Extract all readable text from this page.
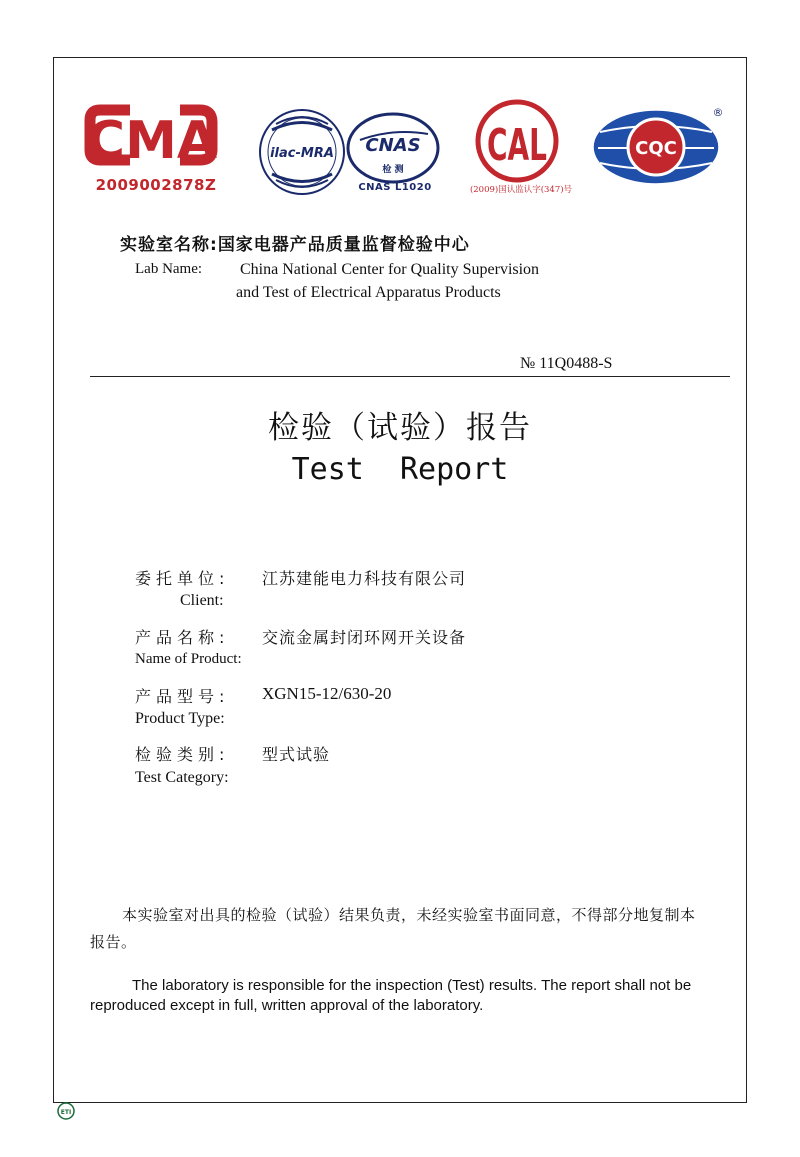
CMA	ilac-MRA CNAS
检 测 CAL	CQC
®
2009002878Z	CNAS L1020	(2009)国认监认字(347)号
实验室名称:国家电器产品质量监督检验中心
Lab Name: China National Center for Quality Supervision
and Test of Electrical Apparatus Products
№ 11Q0488-S
检验（试验）报告
Test  Report
委托单位: 江苏建能电力科技有限公司
Client:
产品名称: 交流金属封闭环网开关设备
Name of Product:
产品型号: XGN15-12/630-20
Product Type:
检验类别: 型式试验
Test Category:
本实验室对出具的检验（试验）结果负责，未经实验室书面同意，不得部分地复制本报告。
The laboratory is responsible for the inspection (Test) results. The report shall not be reproduced except in full, written approval of the laboratory.
ETI
